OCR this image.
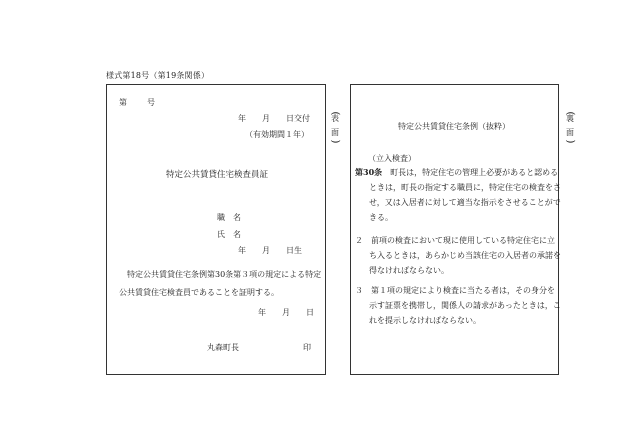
様式第18号（第19条関係）
第	号
年　　月　　日交付
（有効期間１年）
特定公共賃貸住宅検査員証
職　名
氏　名
年　　月　　日生
特定公共賃貸住宅条例第30条第３項の規定による特定
公共賃貸住宅検査員であることを証明する。
年　　月　　日
丸森町長	印
(
表
面
)
特定公共賃貸住宅条例（抜粋）
（立入検査）
第30条　町長は，特定住宅の管理上必要があると認める
ときは，町長の指定する職員に，特定住宅の検査をさ
せ，又は入居者に対して適当な指示をさせることがで
きる。
２　前項の検査において現に使用している特定住宅に立
ち入るときは，あらかじめ当該住宅の入居者の承諾を
得なければならない。
３　第１項の規定により検査に当たる者は，その身分を
示す証票を携帯し，関係人の請求があったときは，こ
れを提示しなければならない。
(
裏
面
)
